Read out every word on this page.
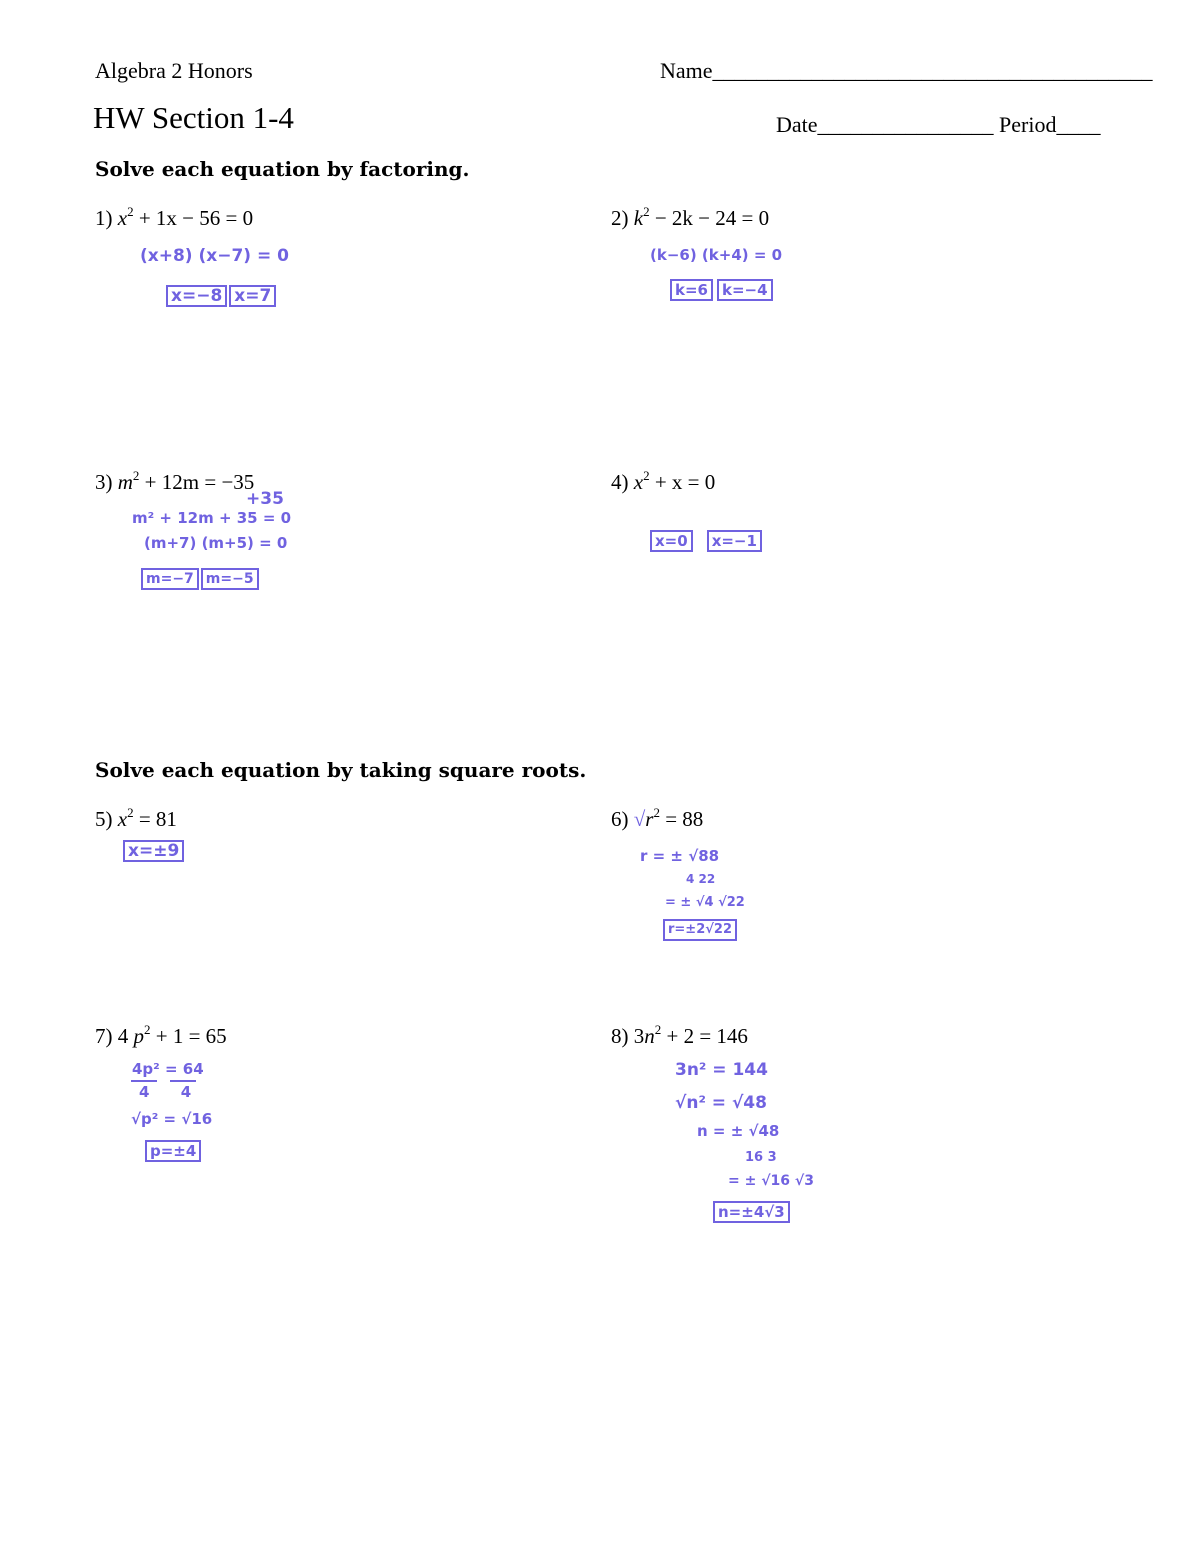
Algebra 2 Honors	Name________________________________________
HW Section 1-4	Date________________ Period____
Solve each equation by factoring.
1) $x^2 + 1x - 56 = 0$
(x+8) (x−7) = 0
x=−8 x=7
2) $k^2 - 2k - 24 = 0$
(k−6) (k+4) = 0
k=6 k=−4
3) $m^2 + 12m = -35$
+35
m² + 12m + 35 = 0
(m+7) (m+5) = 0
m=−7 m=−5
4) $x^2 + x = 0$
x=0 x=−1
Solve each equation by taking square roots.
5) $x^2 = 81$
x=±9
6) $√r^2 = 88$
r = ± √88
4 22
= ± √4 √22
r=±2√22
7) 4 $p^2 + 1 = 65$
4p² = 64
4      4
√p² = √16
p=±4
8) $3n^2 + 2 = 146$
3n² = 144
√n² = √48
n = ± √48
16 3
= ± √16 √3
n=±4√3
